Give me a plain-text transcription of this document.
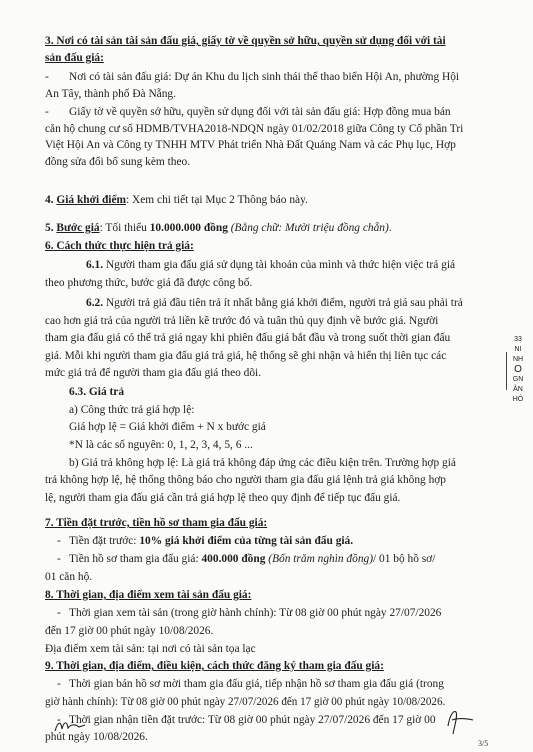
3. Nơi có tài sản tài sản đấu giá, giấy tờ về quyền sở hữu, quyền sử dụng đối với tài
sản đấu giá:
- Nơi có tài sản đấu giá: Dự án Khu du lịch sinh thái thể thao biển Hội An, phường Hội
An Tây, thành phố Đà Nẵng.
- Giấy tờ về quyền sở hữu, quyền sử dụng đối với tài sản đấu giá: Hợp đồng mua bán
căn hộ chung cư số HDMB/TVHA2018-NDQN ngày 01/02/2018 giữa Công ty Cổ phần Tri
Việt Hội An và Công ty TNHH MTV Phát triển Nhà Đất Quảng Nam và các Phụ lục, Hợp
đồng sửa đổi bổ sung kèm theo.
4. Giá khởi điểm: Xem chi tiết tại Mục 2 Thông báo này.
5. Bước giá: Tối thiểu 10.000.000 đồng (Bằng chữ: Mười triệu đồng chẵn).
6. Cách thức thực hiện trả giá:
6.1. Người tham gia đấu giá sử dụng tài khoản của mình và thức hiện việc trả giá
theo phương thức, bước giá đã được công bố.
6.2. Người trả giá đầu tiên trả ít nhất bằng giá khởi điểm, người trả giá sau phải trả
cao hơn giá trả của người trả liền kề trước đó và tuân thủ quy định về bước giá. Người
tham gia đấu giá có thể trả giá ngay khi phiên đấu giá bắt đầu và trong suốt thời gian đấu
giá. Mỗi khi người tham gia đấu giá trả giá, hệ thống sẽ ghi nhận và hiển thị liên tục các
mức giá trả để người tham gia đấu giá theo dõi.
6.3. Giá trả
a) Công thức trả giá hợp lệ:
Giá hợp lệ = Giá khởi điểm + N x bước giá
*N là các số nguyên: 0, 1, 2, 3, 4, 5, 6 ...
b) Giá trả không hợp lệ: Là giá trả không đáp ứng các điều kiện trên. Trường hợp giá
trả không hợp lệ, hệ thống thông báo cho người tham gia đấu giá lệnh trả giá không hợp
lệ, người tham gia đấu giá cần trả giá hợp lệ theo quy định để tiếp tục đấu giá.
7. Tiền đặt trước, tiền hồ sơ tham gia đấu giá:
- Tiền đặt trước: 10% giá khởi điểm của từng tài sản đấu giá.
- Tiền hồ sơ tham gia đấu giá: 400.000 đồng (Bốn trăm nghìn đồng)/ 01 bộ hồ sơ/
01 căn hộ.
8. Thời gian, địa điểm xem tài sản đấu giá:
- Thời gian xem tài sản (trong giờ hành chính): Từ 08 giờ 00 phút ngày 27/07/2026
đến 17 giờ 00 phút ngày 10/08/2026.
Địa điểm xem tài sản: tại nơi có tài sản tọa lạc
9. Thời gian, địa điểm, điều kiện, cách thức đăng ký tham gia đấu giá:
- Thời gian bán hồ sơ mời tham gia đấu giá, tiếp nhận hồ sơ tham gia đấu giá (trong
giờ hành chính): Từ 08 giờ 00 phút ngày 27/07/2026 đến 17 giờ 00 phút ngày 10/08/2026.
- Thời gian nhận tiền đặt trước: Từ 08 giờ 00 phút ngày 27/07/2026 đến 17 giờ 00
phút ngày 10/08/2026.
33
NI
NH
O
GN
ÀN
HÔ
3/5
